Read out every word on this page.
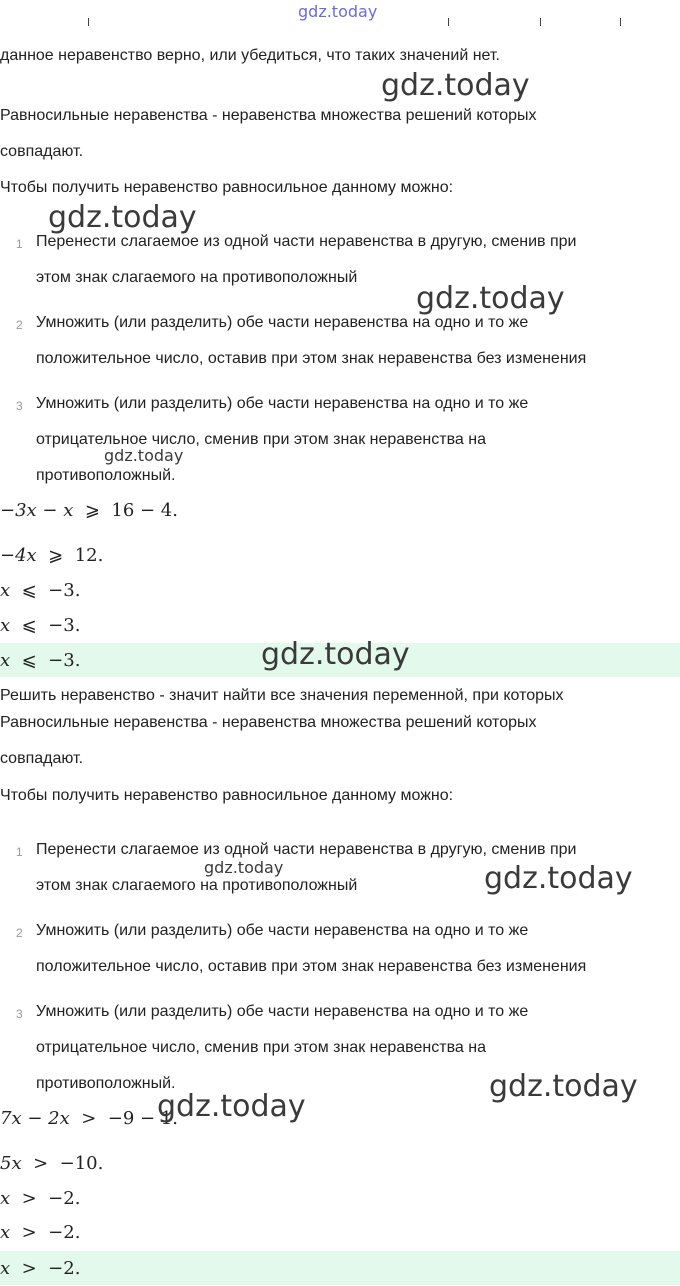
gdz.today
данное неравенство верно, или убедиться, что таких значений нет.
Равносильные неравенства - неравенства множества решений которых
совпадают.
Чтобы получить неравенство равносильное данному можно:
1 Перенести слагаемое из одной части неравенства в другую, сменив при
этом знак слагаемого на противоположный
2 Умножить (или разделить) обе части неравенства на одно и то же
положительное число, оставив при этом знак неравенства без изменения
3 Умножить (или разделить) обе части неравенства на одно и то же
отрицательное число, сменив при этом знак неравенства на
противоположный.
−3x − x ⩾ 16 − 4.
−4x ⩾ 12.
x ⩽ −3.
x ⩽ −3.
x ⩽ −3.
Решить неравенство - значит найти все значения переменной, при которых
Равносильные неравенства - неравенства множества решений которых
совпадают.
Чтобы получить неравенство равносильное данному можно:
1 Перенести слагаемое из одной части неравенства в другую, сменив при
этом знак слагаемого на противоположный
2 Умножить (или разделить) обе части неравенства на одно и то же
положительное число, оставив при этом знак неравенства без изменения
3 Умножить (или разделить) обе части неравенства на одно и то же
отрицательное число, сменив при этом знак неравенства на
противоположный.
7x − 2x > −9 − 1.
5x > −10.
x > −2.
x > −2.
x > −2.
gdz.today
gdz.today
gdz.today
gdz.today
gdz.today
gdz.today	gdz.today
gdz.today
gdz.today
